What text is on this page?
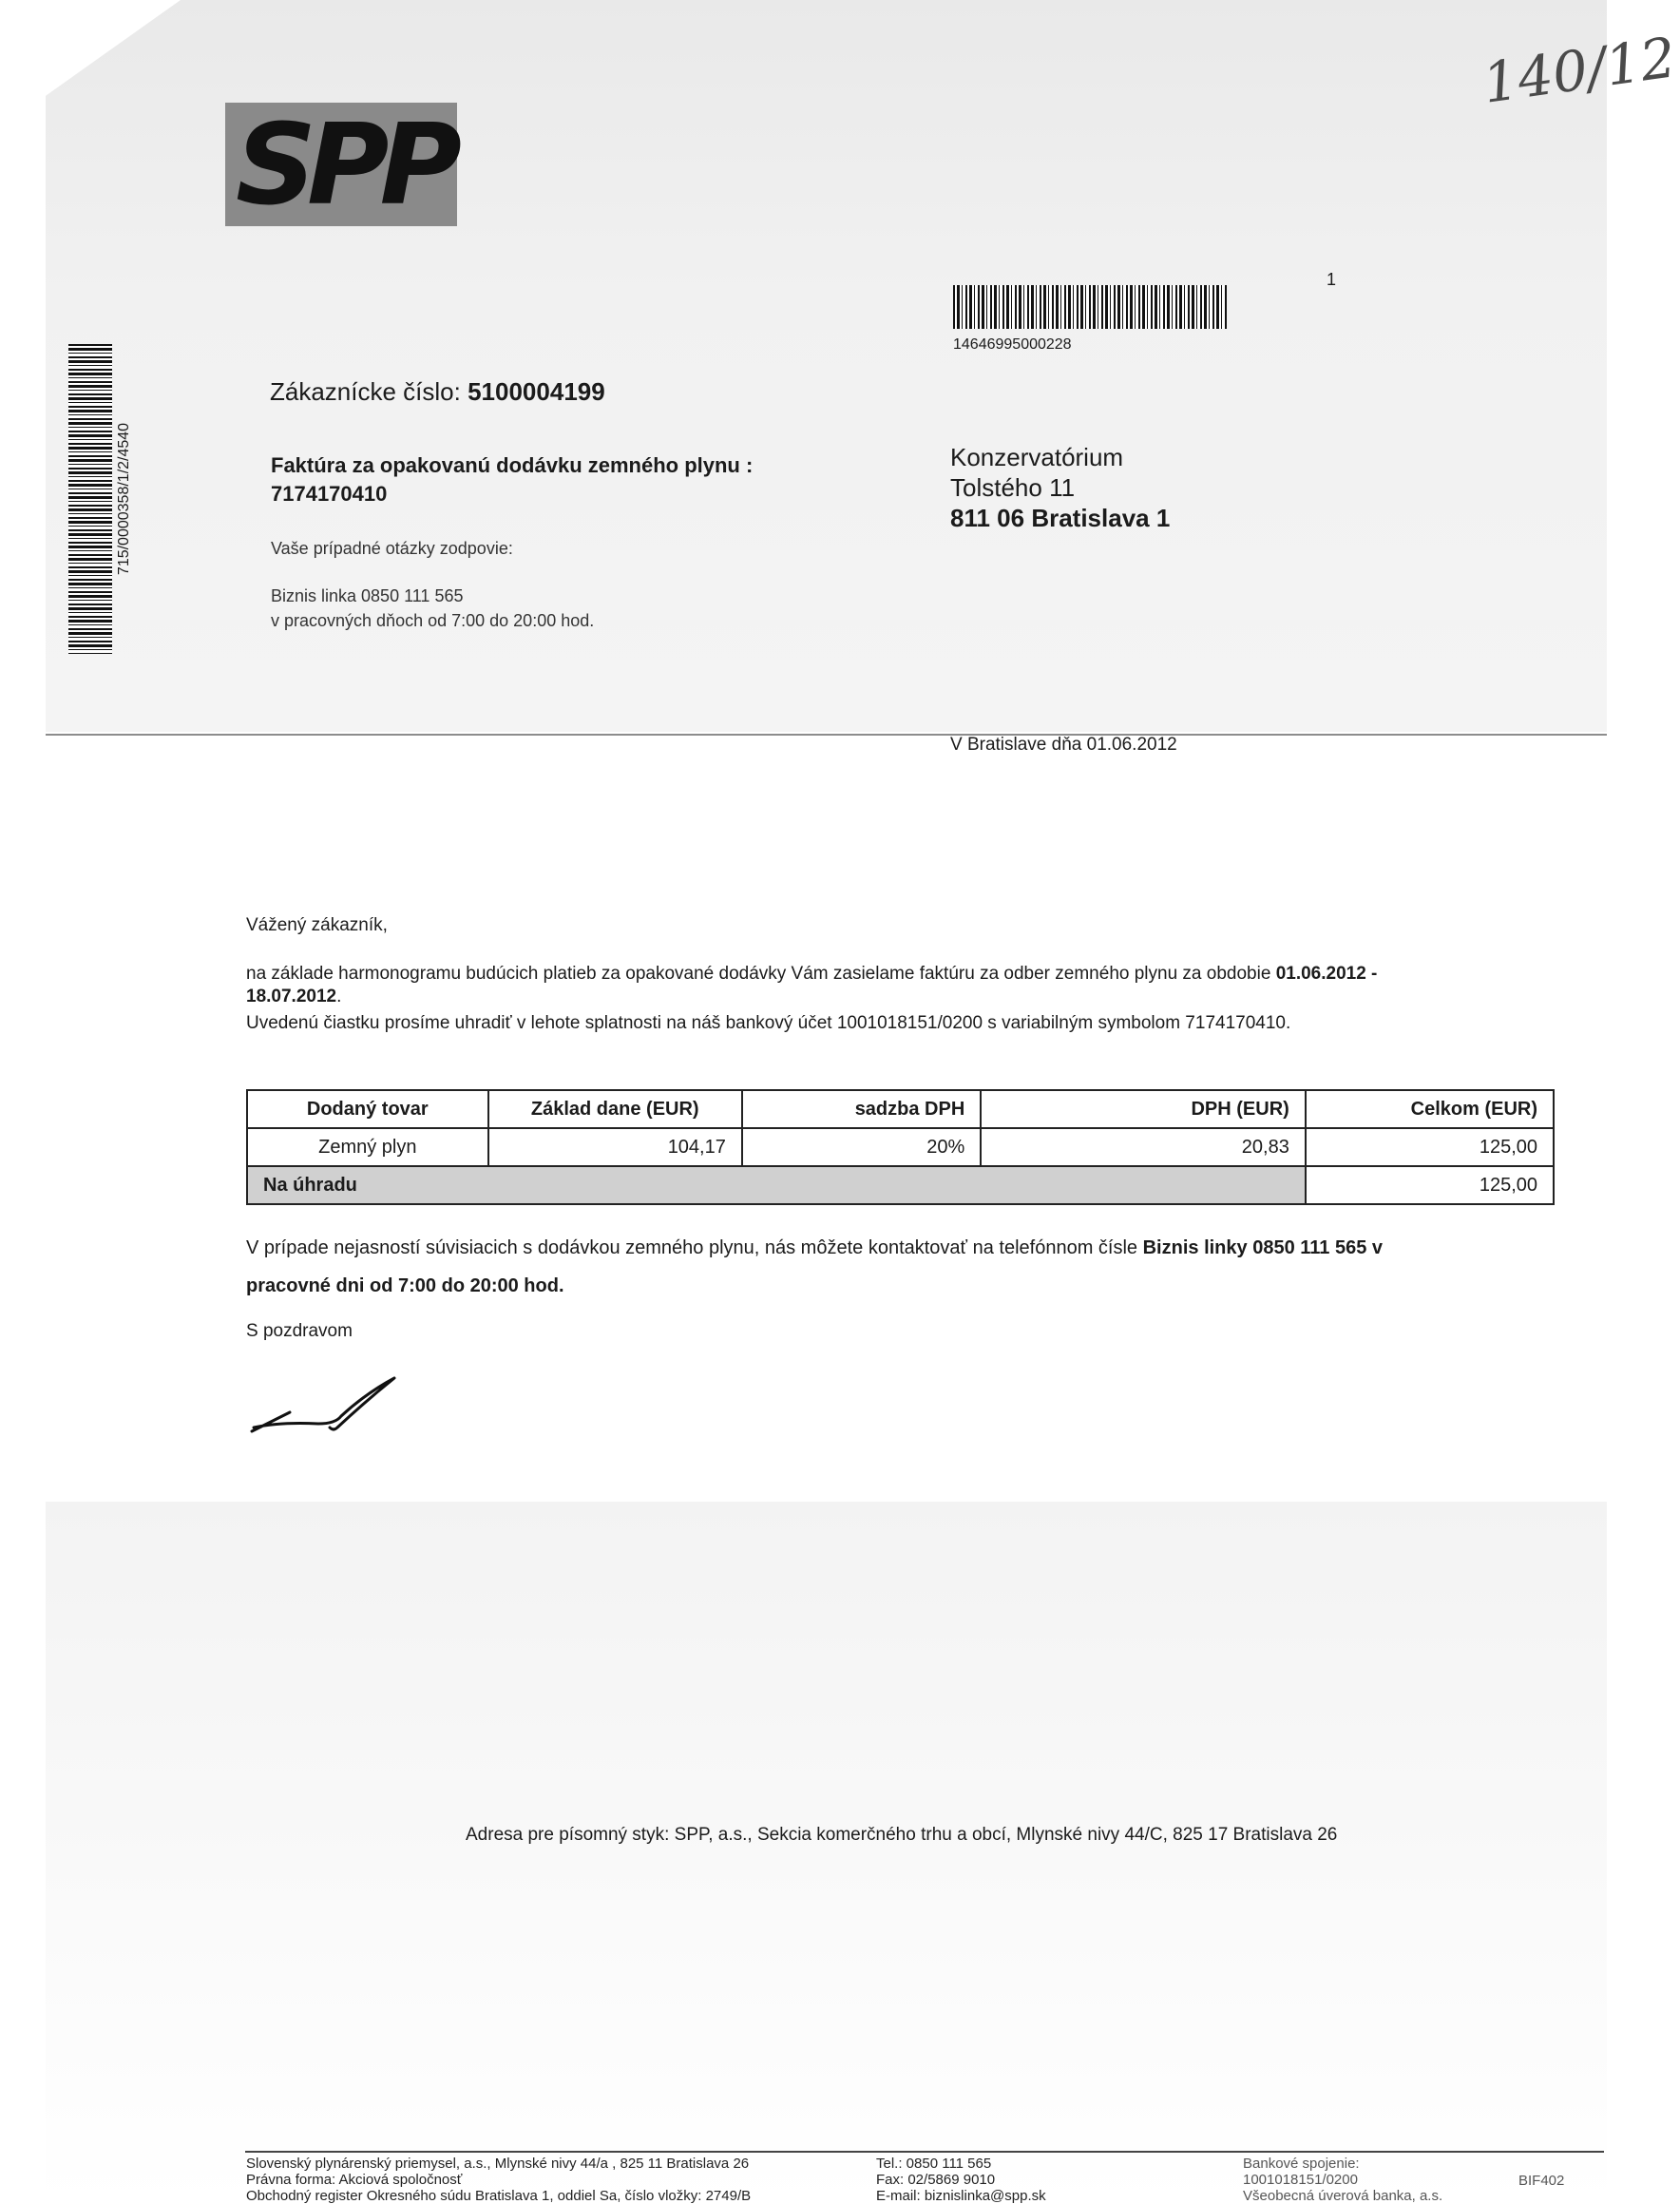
SPP
140/12
1
14646995000228
715/0000358/1/2/4540
Zákaznícke číslo: 5100004199
Faktúra za opakovanú dodávku zemného plynu :
7174170410
Vaše prípadné otázky zodpovie:
Biznis linka 0850 111 565
v pracovných dňoch od 7:00 do 20:00 hod.
Konzervatórium
Tolstého 11
811 06 Bratislava 1
V Bratislave dňa 01.06.2012
Vážený zákazník,
na základe harmonogramu budúcich platieb za opakované dodávky Vám zasielame faktúru za odber zemného plynu za obdobie 01.06.2012 -
18.07.2012.
Uvedenú čiastku prosíme uhradiť v lehote splatnosti na náš bankový účet 1001018151/0200 s variabilným symbolom 7174170410.
Dodaný tovar	Základ dane (EUR)	sadzba DPH	DPH (EUR)	Celkom (EUR)
Zemný plyn	104,17	20%	20,83	125,00
Na úhradu				125,00
V prípade nejasností súvisiacich s dodávkou zemného plynu, nás môžete kontaktovať na telefónnom čísle Biznis linky 0850 111 565 v
pracovné dni od 7:00 do 20:00 hod.
S pozdravom
Adresa pre písomný styk: SPP, a.s., Sekcia komerčného trhu a obcí, Mlynské nivy 44/C, 825 17 Bratislava 26
Slovenský plynárenský priemysel, a.s., Mlynské nivy 44/a , 825 11 Bratislava 26
Právna forma: Akciová spoločnosť
Obchodný register Okresného súdu Bratislava 1, oddiel Sa, číslo vložky: 2749/B
Tel.: 0850 111 565
Fax: 02/5869 9010
E-mail: biznislinka@spp.sk
Bankové spojenie:
1001018151/0200
Všeobecná úverová banka, a.s.
BIF402
